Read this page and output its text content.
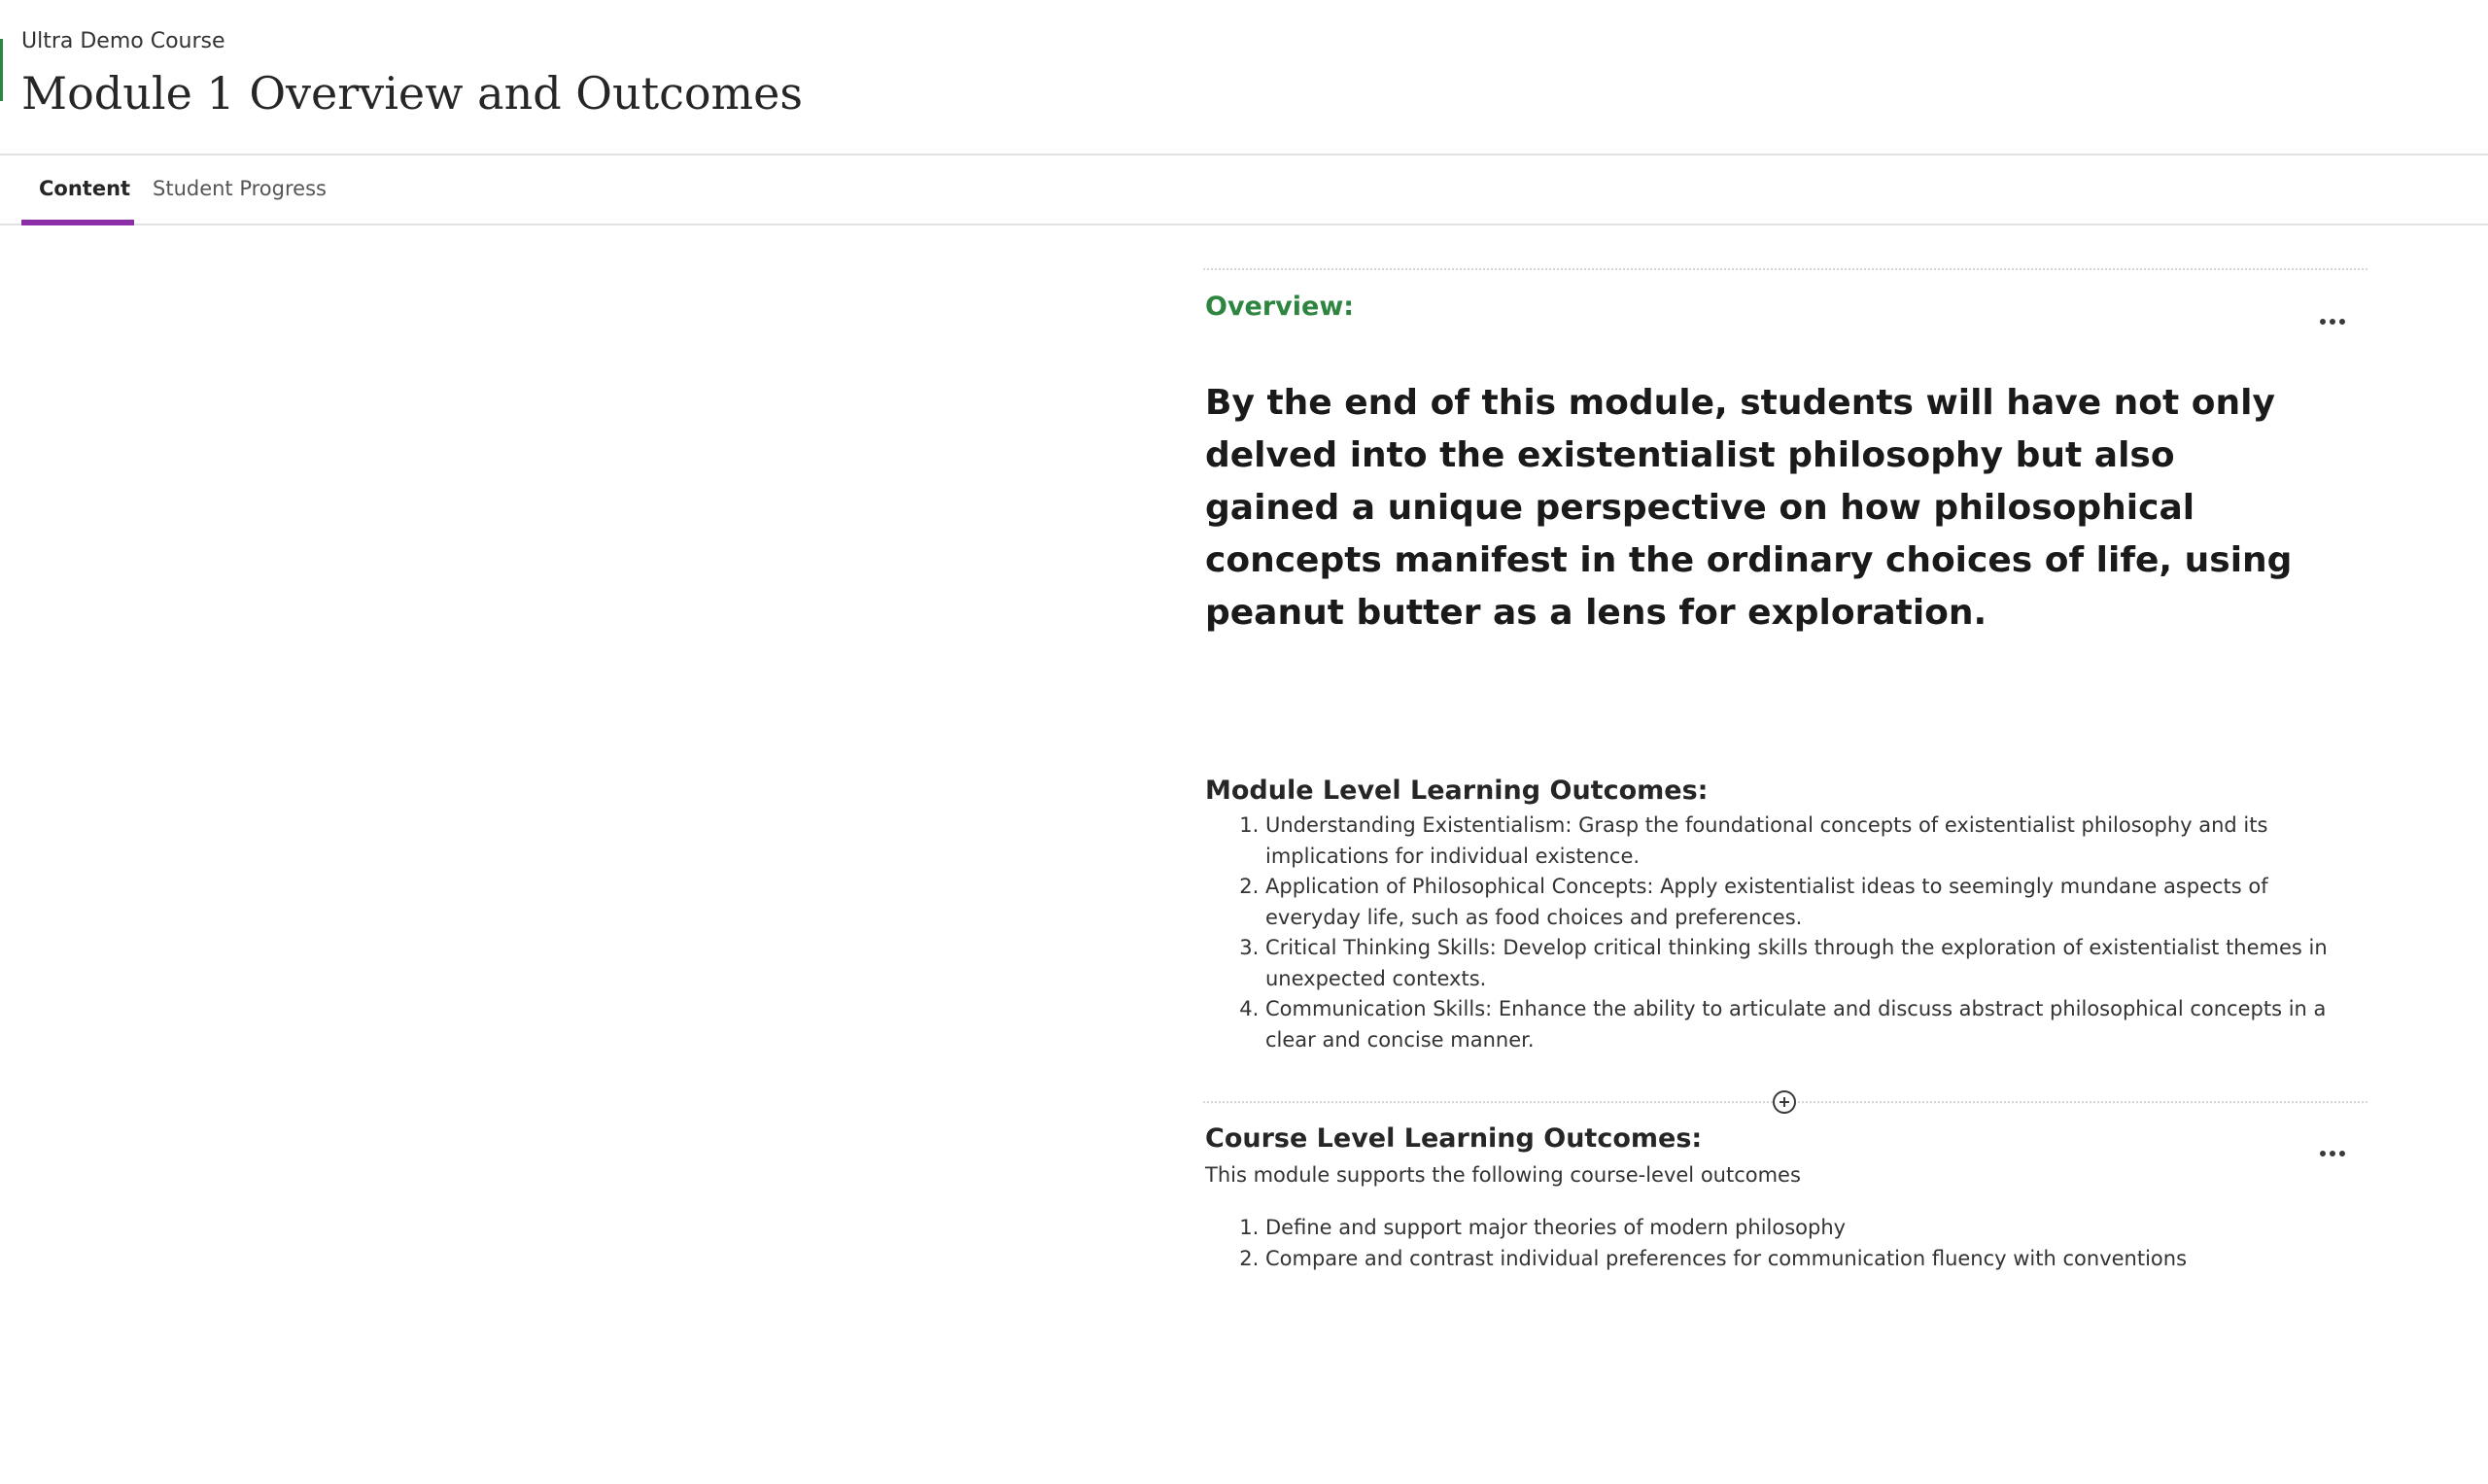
Ultra Demo Course
Module 1 Overview and Outcomes
Content	Student Progress
Overview:

By the end of this module, students will have not only delved into the existentialist philosophy but also gained a unique perspective on how philosophical concepts manifest in the ordinary choices of life, using peanut butter as a lens for exploration.

Module Level Learning Outcomes:
1. Understanding Existentialism: Grasp the foundational concepts of existentialist philosophy and its implications for individual existence.
2. Application of Philosophical Concepts: Apply existentialist ideas to seemingly mundane aspects of everyday life, such as food choices and preferences.
3. Critical Thinking Skills: Develop critical thinking skills through the exploration of existentialist themes in unexpected contexts.
4. Communication Skills: Enhance the ability to articulate and discuss abstract philosophical concepts in a clear and concise manner.
Course Level Learning Outcomes:
This module supports the following course-level outcomes
1. Define and support major theories of modern philosophy
2. Compare and contrast individual preferences for communication fluency with conventions
